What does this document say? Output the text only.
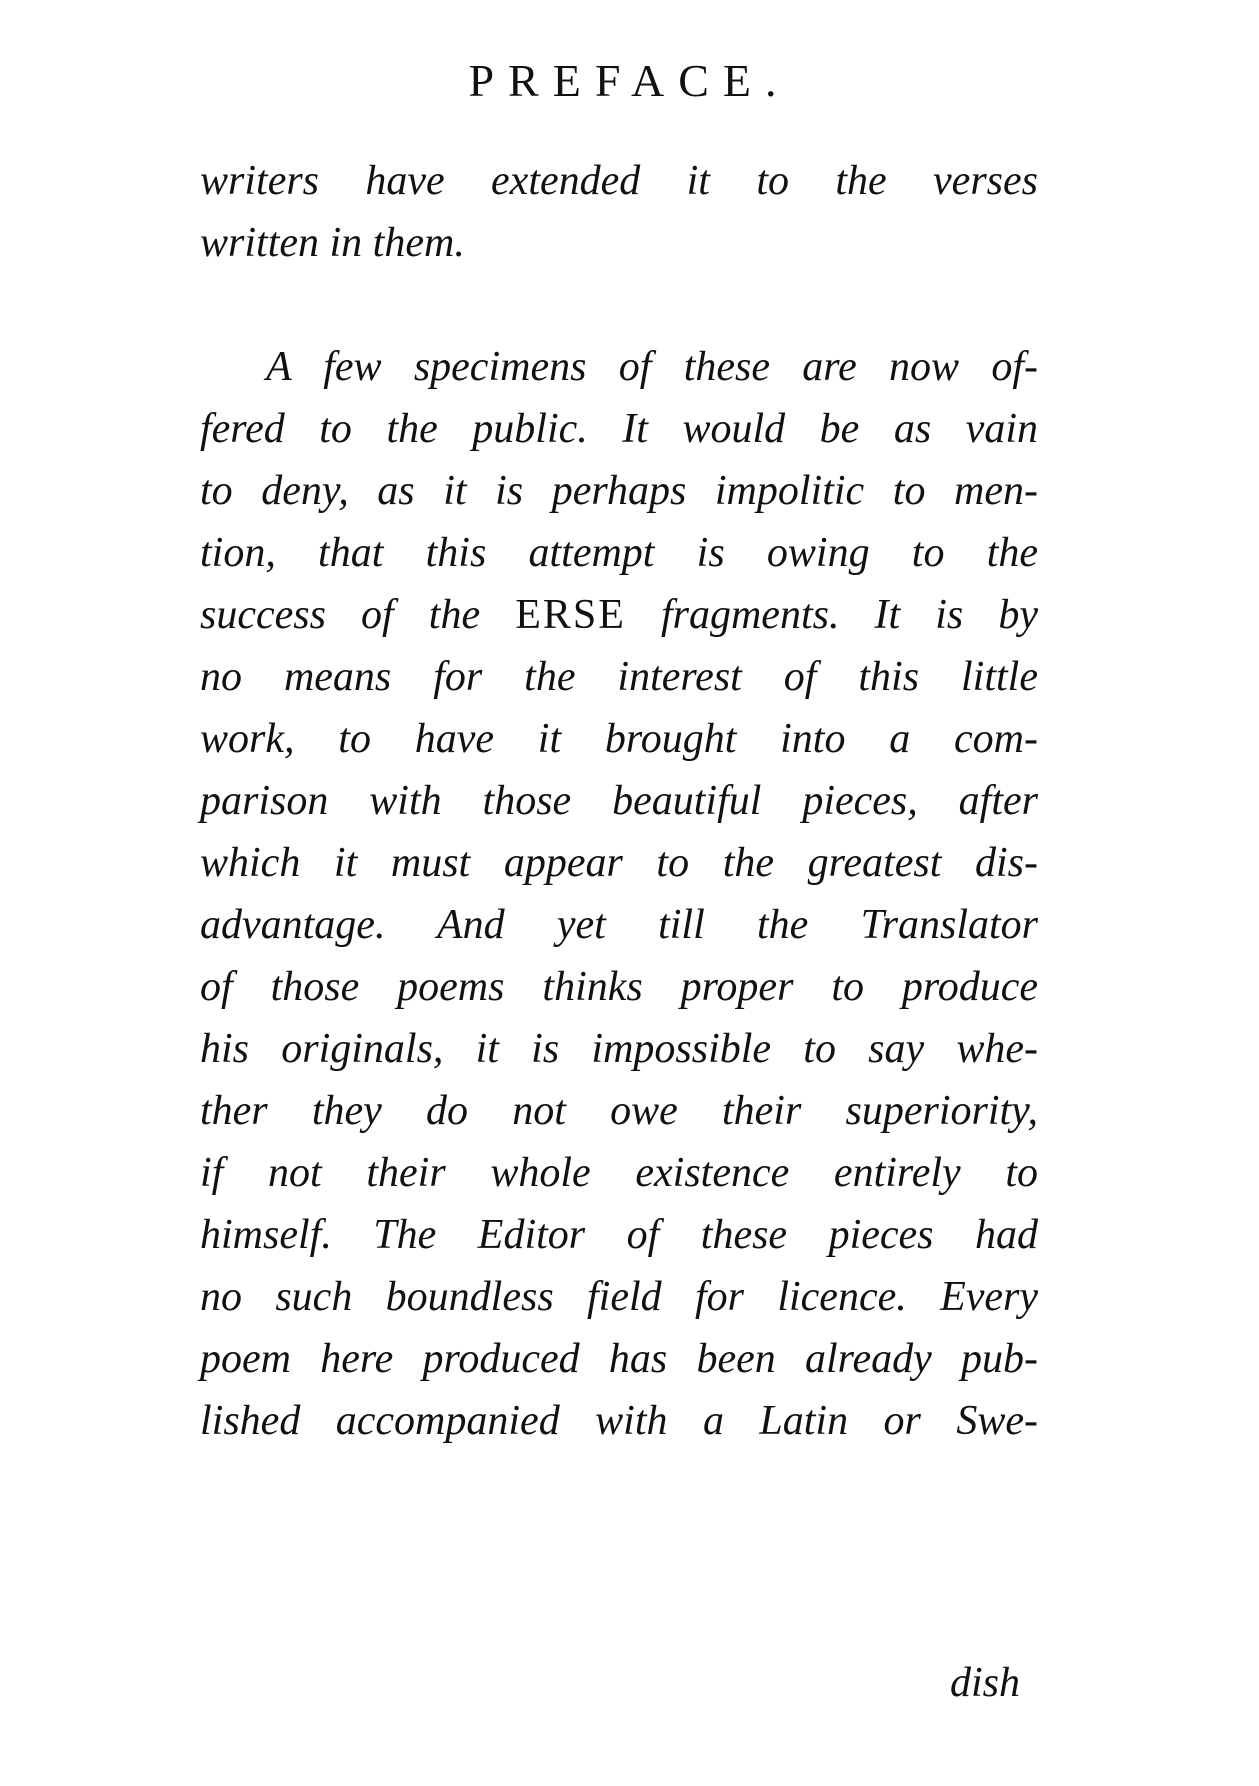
PREFACE.
writers have extended it to the verses
written in them.
A few specimens of these are now of-
fered to the public. It would be as vain
to deny, as it is perhaps impolitic to men-
tion, that this attempt is owing to the
success of the ERSE fragments. It is by
no means for the interest of this little
work, to have it brought into a com-
parison with those beautiful pieces, after
which it must appear to the greatest dis-
advantage. And yet till the Translator
of those poems thinks proper to produce
his originals, it is impossible to say whe-
ther they do not owe their superiority,
if not their whole existence entirely to
himself. The Editor of these pieces had
no such boundless field for licence. Every
poem here produced has been already pub-
lished accompanied with a Latin or Swe-
dish
